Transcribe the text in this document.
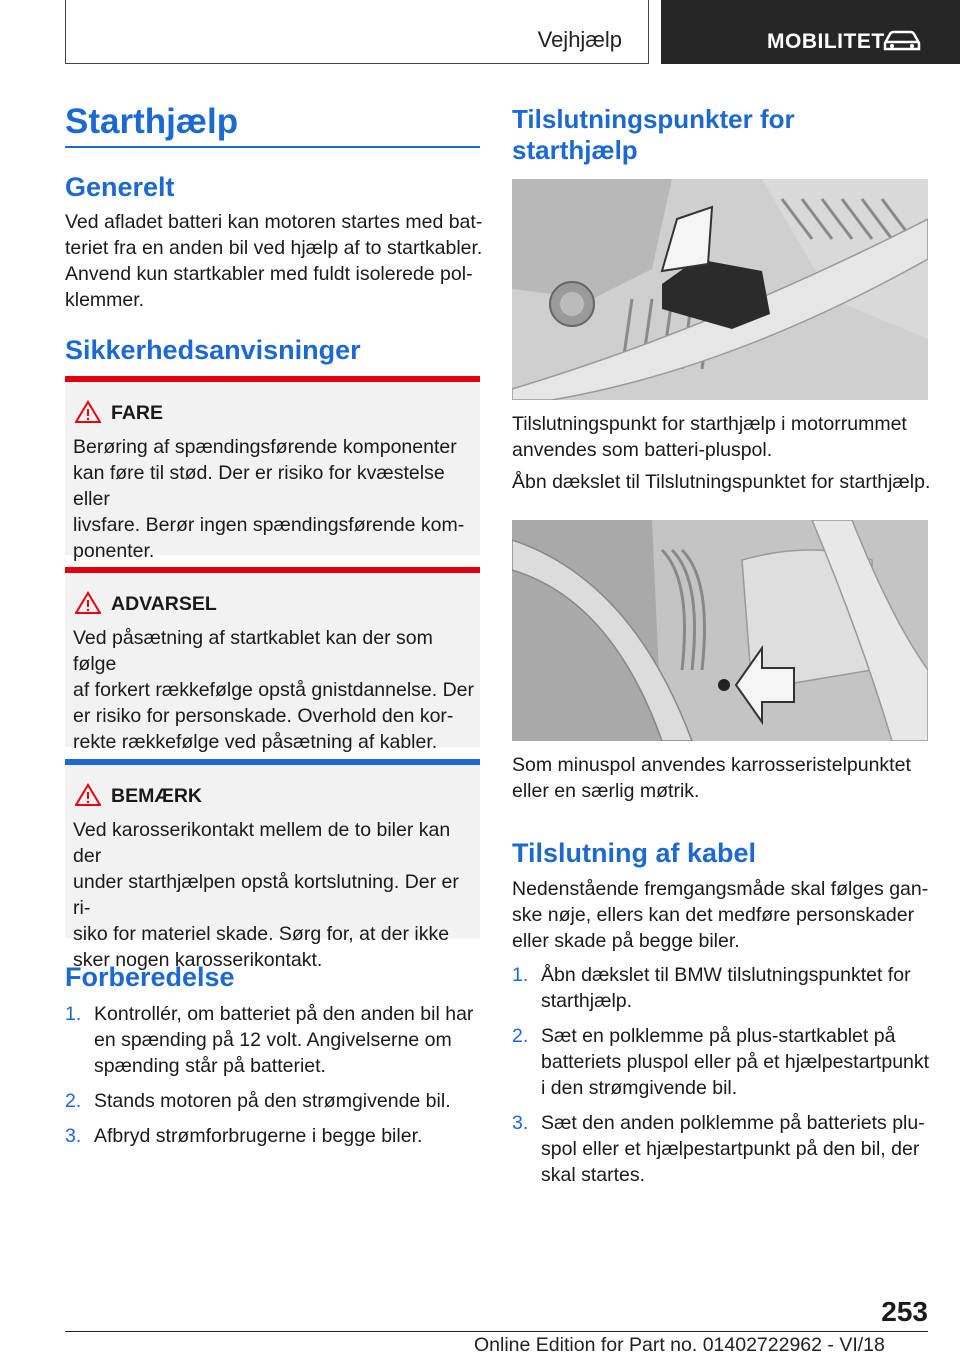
Vejhjælp	MOBILITET
Starthjælp
Generelt
Ved afladet batteri kan motoren startes med bat-
teriet fra en anden bil ved hjælp af to startkabler.
Anvend kun startkabler med fuldt isolerede pol-
klemmer.
Sikkerhedsanvisninger
FARE
Berøring af spændingsførende komponenter
kan føre til stød. Der er risiko for kvæstelse eller
livsfare. Berør ingen spændingsførende kom-
ponenter.
ADVARSEL
Ved påsætning af startkablet kan der som følge
af forkert rækkefølge opstå gnistdannelse. Der
er risiko for personskade. Overhold den kor-
rekte rækkefølge ved påsætning af kabler.
BEMÆRK
Ved karosserikontakt mellem de to biler kan der
under starthjælpen opstå kortslutning. Der er ri-
siko for materiel skade. Sørg for, at der ikke
sker nogen karosserikontakt.
Forberedelse
1. Kontrollér, om batteriet på den anden bil har
en spænding på 12 volt. Angivelserne om
spænding står på batteriet.
2. Stands motoren på den strømgivende bil.
3. Afbryd strømforbrugerne i begge biler.
Tilslutningspunkter for
starthjælp
Tilslutningspunkt for starthjælp i motorrummet
anvendes som batteri-pluspol.
Åbn dækslet til Tilslutningspunktet for starthjælp.
Som minuspol anvendes karrosseristelpunktet
eller en særlig møtrik.
Tilslutning af kabel
Nedenstående fremgangsmåde skal følges gan-
ske nøje, ellers kan det medføre personskader
eller skade på begge biler.
1. Åbn dækslet til BMW tilslutningspunktet for
starthjælp.
2. Sæt en polklemme på plus-startkablet på
batteriets pluspol eller på et hjælpestartpunkt
i den strømgivende bil.
3. Sæt den anden polklemme på batteriets plu-
spol eller et hjælpestartpunkt på den bil, der
skal startes.
253
Online Edition for Part no. 01402722962 - VI/18
